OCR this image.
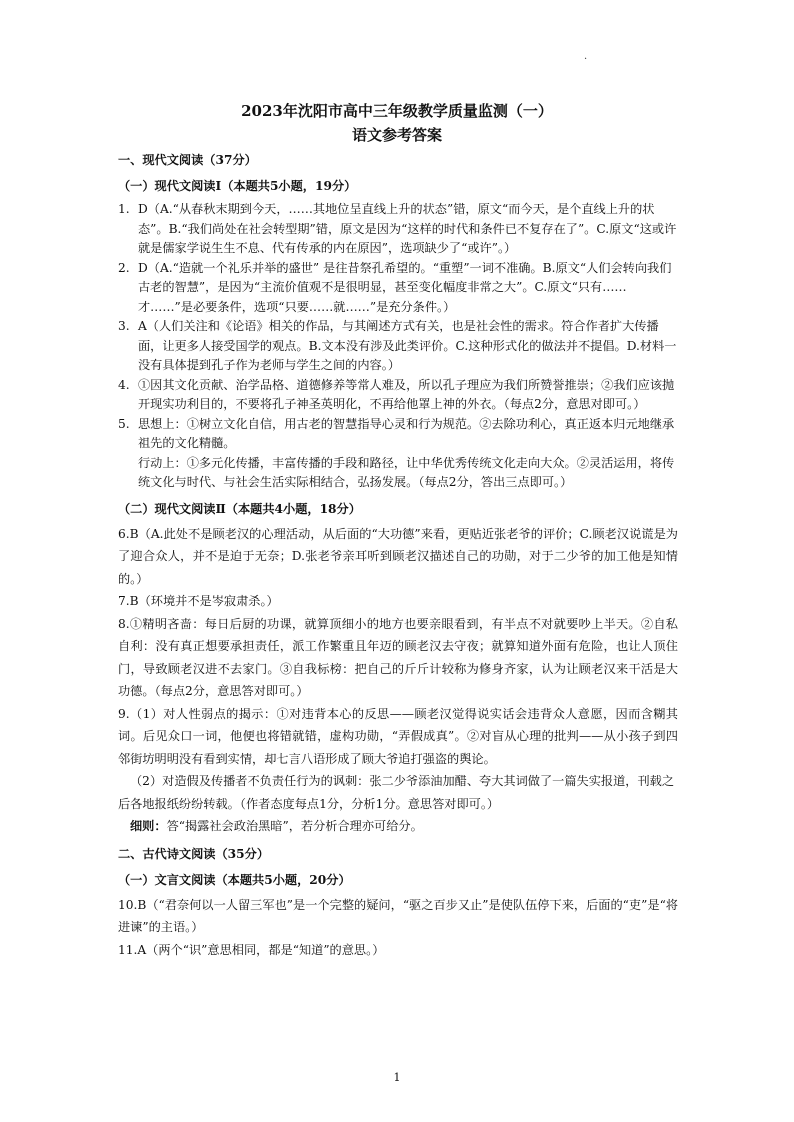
·
2023年沈阳市高中三年级教学质量监测（一）
语文参考答案
一、现代文阅读（37分）
（一）现代文阅读Ⅰ（本题共5小题，19分）
1. D（A.“从春秋末期到今天，……其地位呈直线上升的状态”错，原文“而今天，是个直线上升的状态”。B.“我们尚处在社会转型期”错，原文是因为“这样的时代和条件已不复存在了”。C.原文“这或许就是儒家学说生生不息、代有传承的内在原因”，选项缺少了“或许”。）
2. D（A.“造就一个礼乐并举的盛世” 是往昔祭孔希望的。“重塑”一词不准确。B.原文“人们会转向我们古老的智慧”，是因为“主流价值观不是很明显，甚至变化幅度非常之大”。C.原文“只有……才……”是必要条件，选项“只要……就……”是充分条件。）
3. A（人们关注和《论语》相关的作品，与其阐述方式有关，也是社会性的需求。符合作者扩大传播面，让更多人接受国学的观点。B.文本没有涉及此类评价。C.这种形式化的做法并不提倡。D.材料一没有具体提到孔子作为老师与学生之间的内容。）
4. ①因其文化贡献、治学品格、道德修养等常人难及，所以孔子理应为我们所赞誉推崇；②我们应该抛开现实功利目的，不要将孔子神圣英明化，不再给他罩上神的外衣。（每点2分，意思对即可。）
5. 思想上：①树立文化自信，用古老的智慧指导心灵和行为规范。②去除功利心，真正返本归元地继承祖先的文化精髓。
行动上：①多元化传播，丰富传播的手段和路径，让中华优秀传统文化走向大众。②灵活运用，将传统文化与时代、与社会生活实际相结合，弘扬发展。（每点2分，答出三点即可。）
（二）现代文阅读Ⅱ（本题共4小题，18分）

6.B（A.此处不是顾老汉的心理活动，从后面的“大功德”来看，更贴近张老爷的评价；C.顾老汉说谎是为了迎合众人，并不是迫于无奈；D.张老爷亲耳听到顾老汉描述自己的功勋，对于二少爷的加工他是知情的。）

7.B（环境并不是岑寂肃杀。）

8.①精明吝啬：每日后厨的功课，就算顶细小的地方也要亲眼看到，有半点不对就要吵上半天。②自私自利：没有真正想要承担责任，派工作繁重且年迈的顾老汉去守夜；就算知道外面有危险，也让人顶住门，导致顾老汉进不去家门。③自我标榜：把自己的斤斤计较称为修身齐家，认为让顾老汉来干活是大功德。（每点2分，意思答对即可。）

9.（1）对人性弱点的揭示：①对违背本心的反思——顾老汉觉得说实话会违背众人意愿，因而含糊其词。后见众口一词，他便也将错就错，虚构功勋，“弄假成真”。②对盲从心理的批判——从小孩子到四邻街坊明明没有看到实情，却七言八语形成了顾大爷追打强盗的舆论。

（2）对造假及传播者不负责任行为的讽刺：张二少爷添油加醋、夸大其词做了一篇失实报道，刊载之后各地报纸纷纷转载。（作者态度每点1分，分析1分。意思答对即可。）

细则：答“揭露社会政治黑暗”，若分析合理亦可给分。

二、古代诗文阅读（35分）
（一）文言文阅读（本题共5小题，20分）

10.B（“君奈何以一人留三军也”是一个完整的疑问，“驱之百步又止”是使队伍停下来，后面的“吏”是“将进谏”的主语。）

11.A（两个“识”意思相同，都是“知道”的意思。）

1
